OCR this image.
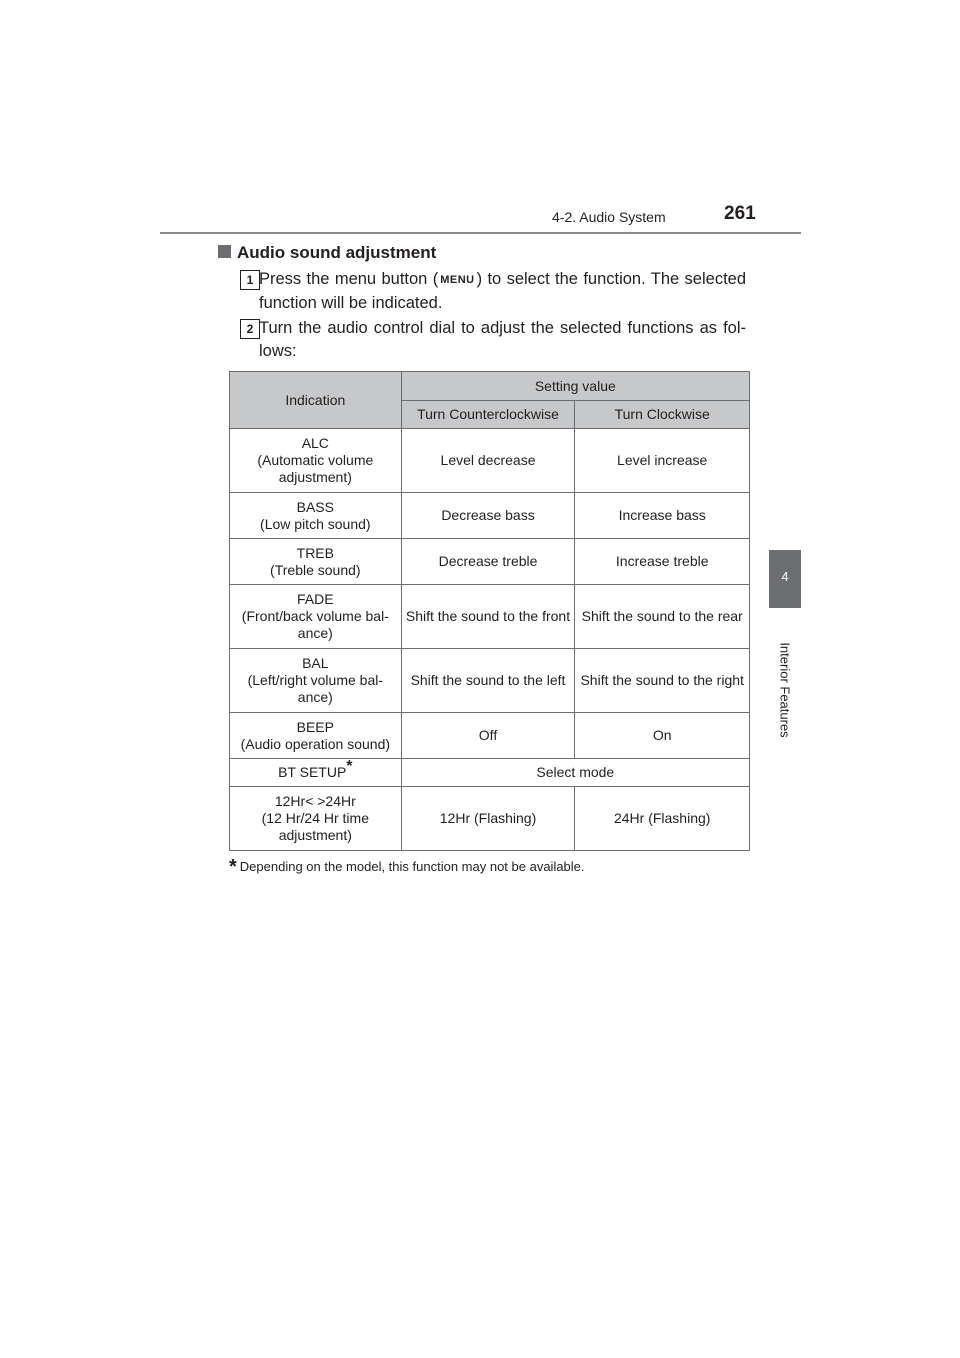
4-2. Audio System	261
4
Interior Features
Audio sound adjustment
1 Press the menu button ( MENU ) to select the function. The selected function will be indicated.
2 Turn the audio control dial to adjust the selected functions as fol- lows:
Indication	Setting value	
	Turn Counterclockwise	Turn Clockwise
ALC
(Automatic volume adjustment)	Level decrease	Level increase
BASS
(Low pitch sound)	Decrease bass	Increase bass
TREB
(Treble sound)	Decrease treble	Increase treble
FADE
(Front/back volume bal- ance)	Shift the sound to the front	Shift the sound to the rear
BAL
(Left/right volume bal- ance)	Shift the sound to the left	Shift the sound to the right
BEEP
(Audio operation sound)	Off	On
BT SETUP*	Select mode	
12Hr< >24Hr
(12 Hr/24 Hr time adjustment)	12Hr (Flashing)	24Hr (Flashing)
* Depending on the model, this function may not be available.
